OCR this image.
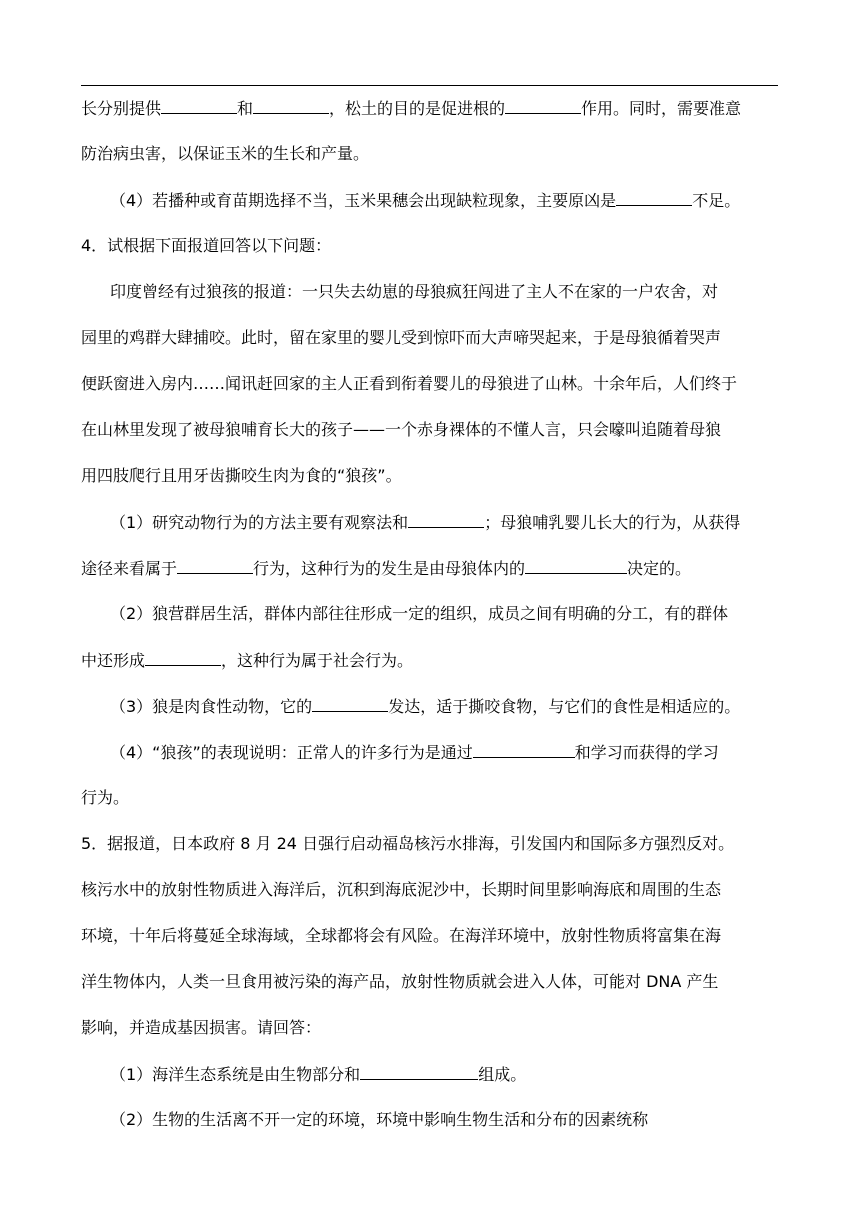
长分别提供	和	，松土的目的是促进根的	作用。同时，需要准意

防治病虫害，以保证玉米的生长和产量。

（4）若播种或育苗期选择不当，玉米果穗会出现缺粒现象，主要原凶是	不足。

4．试根据下面报道回答以下问题：

印度曾经有过狼孩的报道：一只失去幼崽的母狼疯狂闯进了主人不在家的一户农舍，对

园里的鸡群大肆捕咬。此时，留在家里的婴儿受到惊吓而大声啼哭起来，于是母狼循着哭声

便跃窗进入房内……闻讯赶回家的主人正看到衔着婴儿的母狼进了山林。十余年后，人们终于

在山林里发现了被母狼哺育长大的孩子——一个赤身裸体的不懂人言，只会嚎叫追随着母狼

用四肢爬行且用牙齿撕咬生肉为食的“狼孩”。

（1）研究动物行为的方法主要有观察法和	；母狼哺乳婴儿长大的行为，从获得

途径来看属于	行为，这种行为的发生是由母狼体内的	决定的。

（2）狼营群居生活，群体内部往往形成一定的组织，成员之间有明确的分工，有的群体

中还形成	，这种行为属于社会行为。

（3）狼是肉食性动物，它的	发达，适于撕咬食物，与它们的食性是相适应的。

（4）“狼孩”的表现说明：正常人的许多行为是通过	和学习而获得的学习

行为。

5．据报道，日本政府 8 月 24 日强行启动福岛核污水排海，引发国内和国际多方强烈反对。

核污水中的放射性物质进入海洋后，沉积到海底泥沙中，长期时间里影响海底和周围的生态

环境，十年后将蔓延全球海域，全球都将会有风险。在海洋环境中，放射性物质将富集在海

洋生物体内，人类一旦食用被污染的海产品，放射性物质就会进入人体，可能对 DNA 产生

影响，并造成基因损害。请回答：

（1）海洋生态系统是由生物部分和	组成。

（2）生物的生活离不开一定的环境，环境中影响生物生活和分布的因素统称
